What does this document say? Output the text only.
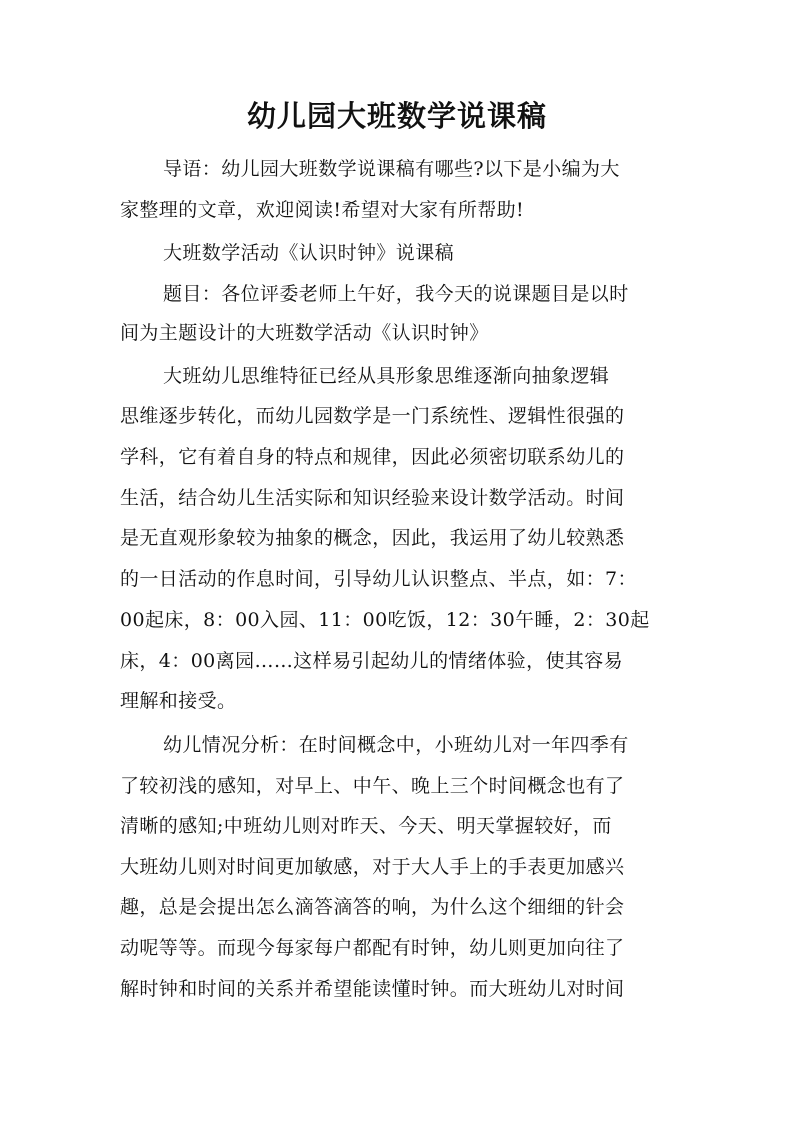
幼儿园大班数学说课稿

导语：幼儿园大班数学说课稿有哪些?以下是小编为大

家整理的文章，欢迎阅读!希望对大家有所帮助!

大班数学活动《认识时钟》说课稿

题目：各位评委老师上午好，我今天的说课题目是以时

间为主题设计的大班数学活动《认识时钟》

大班幼儿思维特征已经从具形象思维逐渐向抽象逻辑

思维逐步转化，而幼儿园数学是一门系统性、逻辑性很强的

学科，它有着自身的特点和规律，因此必须密切联系幼儿的

生活，结合幼儿生活实际和知识经验来设计数学活动。时间

是无直观形象较为抽象的概念，因此，我运用了幼儿较熟悉

的一日活动的作息时间，引导幼儿认识整点、半点，如：7：

00起床，8：00入园、11：00吃饭，12：30午睡，2：30起

床，4：00离园……这样易引起幼儿的情绪体验，使其容易

理解和接受。

幼儿情况分析：在时间概念中，小班幼儿对一年四季有

了较初浅的感知，对早上、中午、晚上三个时间概念也有了

清晰的感知;中班幼儿则对昨天、今天、明天掌握较好，而

大班幼儿则对时间更加敏感，对于大人手上的手表更加感兴

趣，总是会提出怎么滴答滴答的响，为什么这个细细的针会

动呢等等。而现今每家每户都配有时钟，幼儿则更加向往了

解时钟和时间的关系并希望能读懂时钟。而大班幼儿对时间
